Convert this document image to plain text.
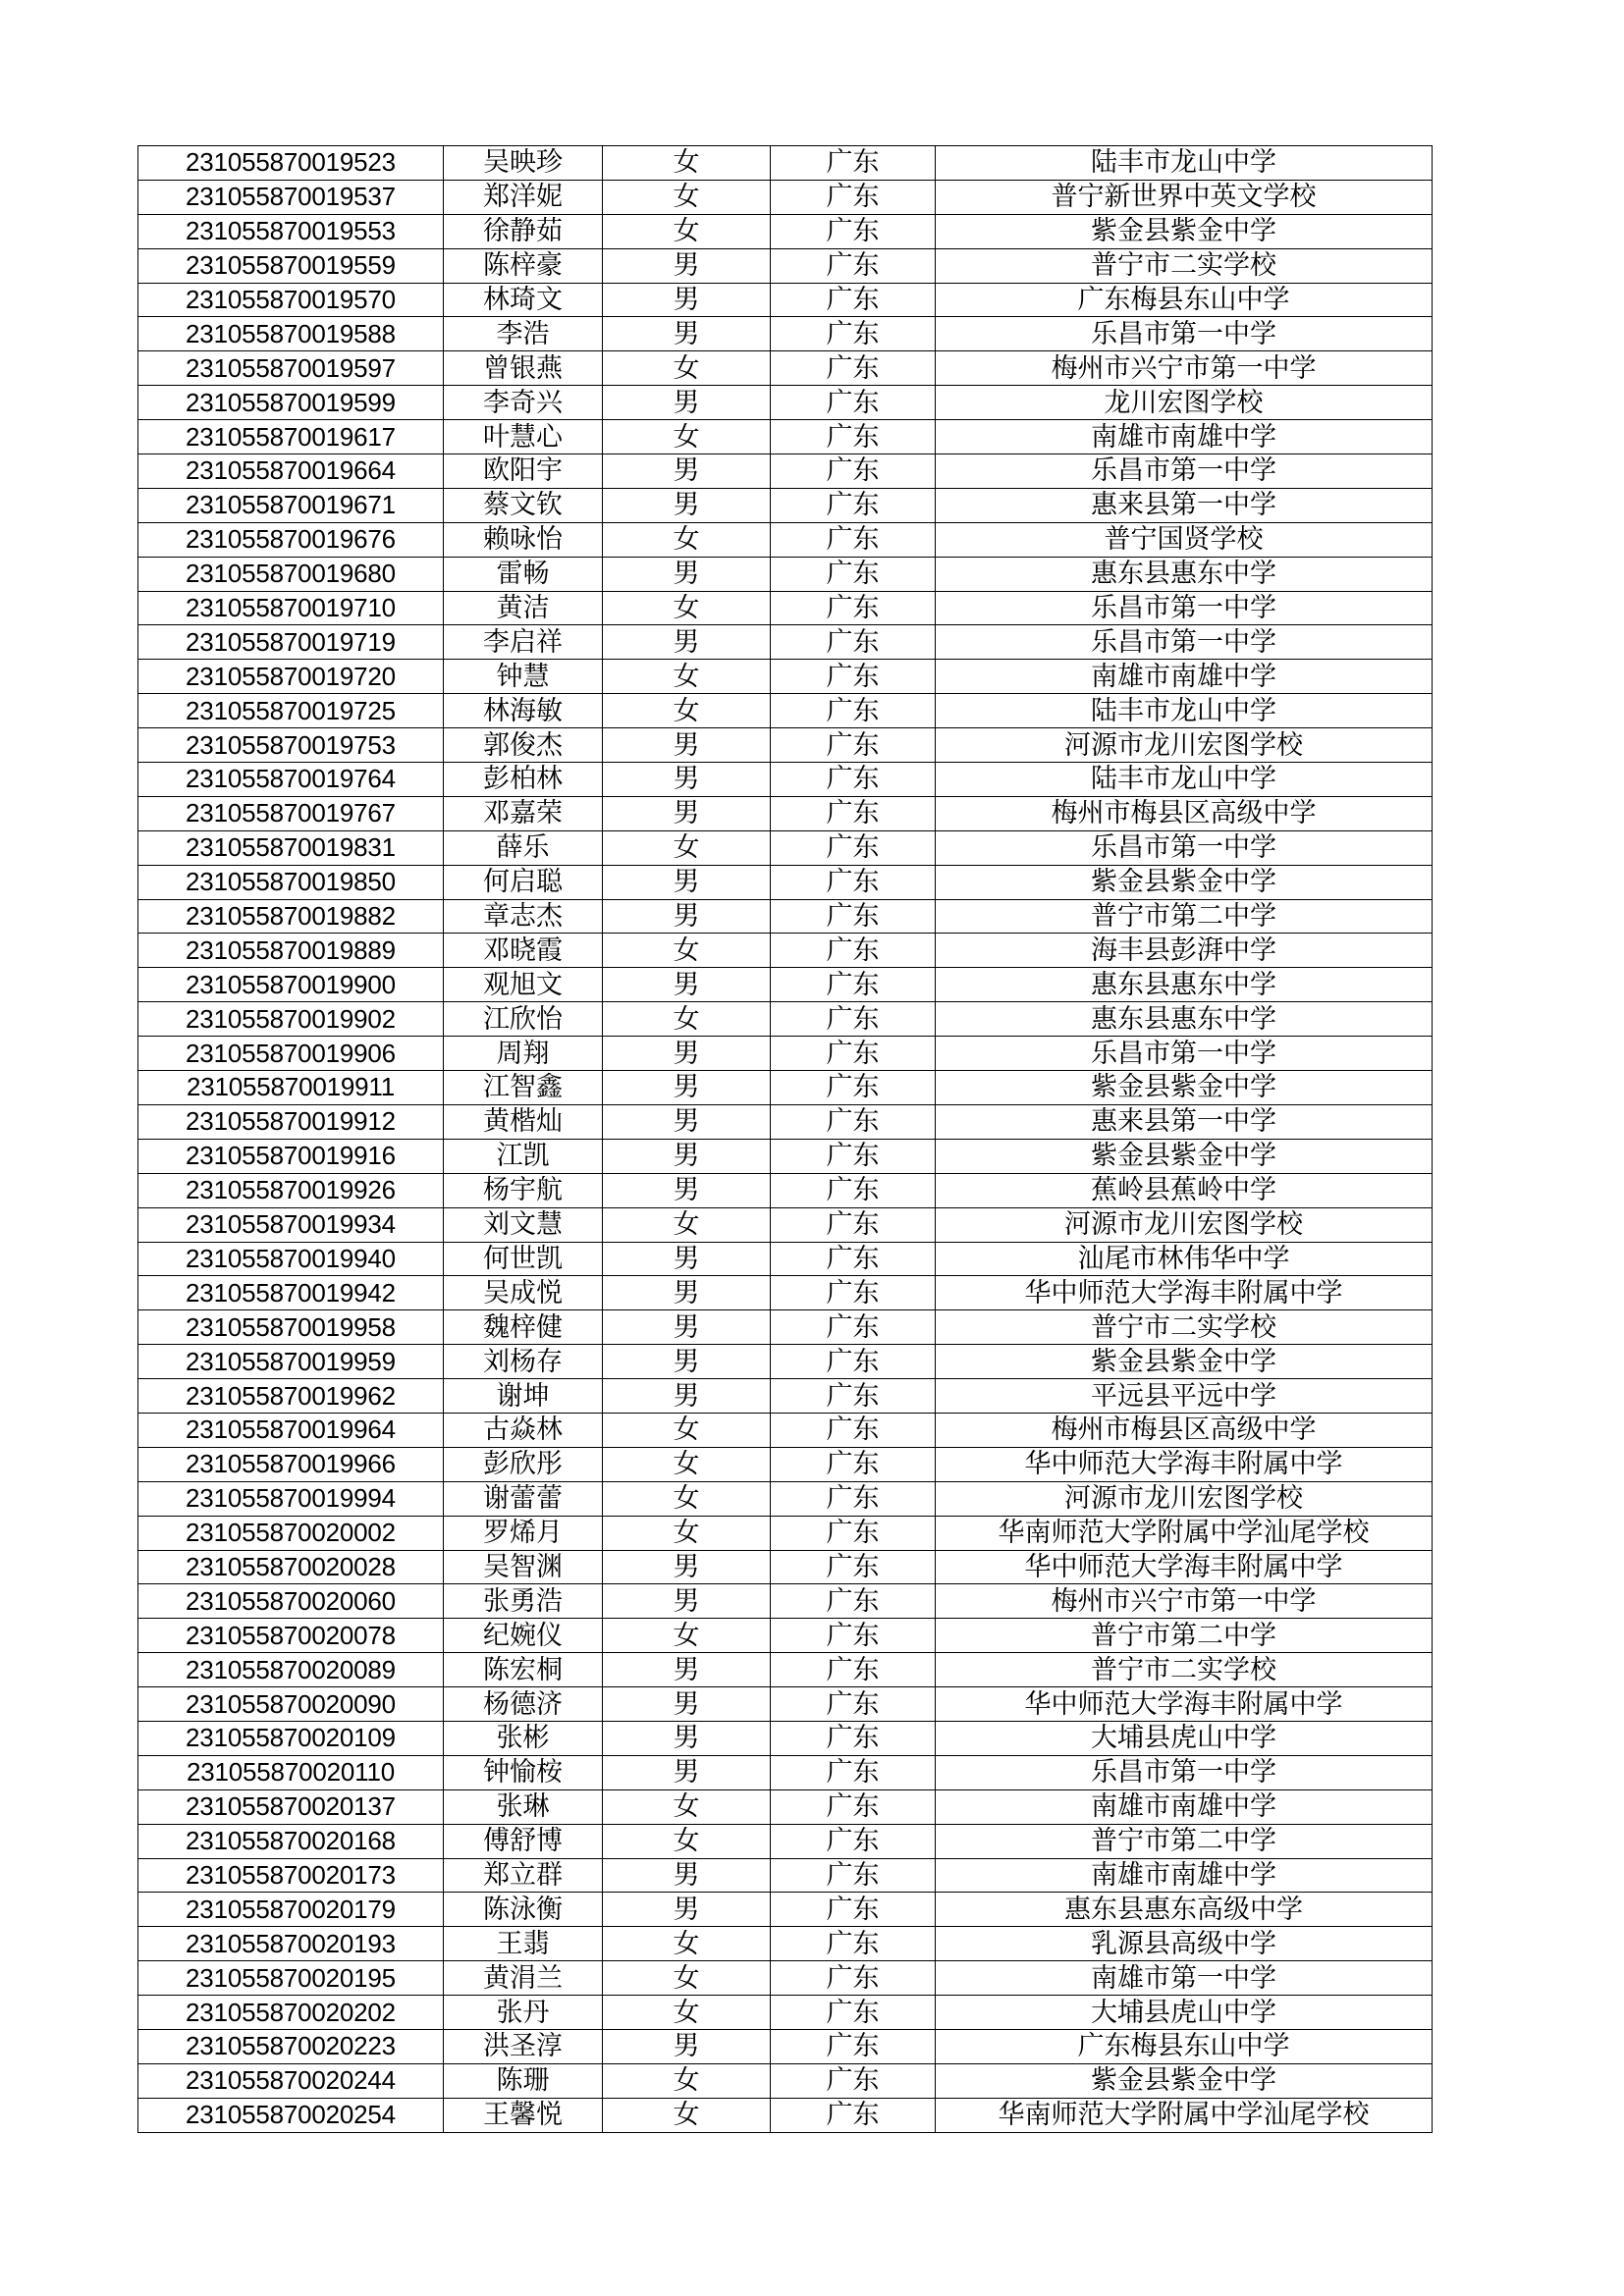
231055870019523	吴映珍	女	广东	陆丰市龙山中学
231055870019537	郑洋妮	女	广东	普宁新世界中英文学校
231055870019553	徐静茹	女	广东	紫金县紫金中学
231055870019559	陈梓豪	男	广东	普宁市二实学校
231055870019570	林琦文	男	广东	广东梅县东山中学
231055870019588	李浩	男	广东	乐昌市第一中学
231055870019597	曾银燕	女	广东	梅州市兴宁市第一中学
231055870019599	李奇兴	男	广东	龙川宏图学校
231055870019617	叶慧心	女	广东	南雄市南雄中学
231055870019664	欧阳宇	男	广东	乐昌市第一中学
231055870019671	蔡文钦	男	广东	惠来县第一中学
231055870019676	赖咏怡	女	广东	普宁国贤学校
231055870019680	雷畅	男	广东	惠东县惠东中学
231055870019710	黄洁	女	广东	乐昌市第一中学
231055870019719	李启祥	男	广东	乐昌市第一中学
231055870019720	钟慧	女	广东	南雄市南雄中学
231055870019725	林海敏	女	广东	陆丰市龙山中学
231055870019753	郭俊杰	男	广东	河源市龙川宏图学校
231055870019764	彭柏林	男	广东	陆丰市龙山中学
231055870019767	邓嘉荣	男	广东	梅州市梅县区高级中学
231055870019831	薛乐	女	广东	乐昌市第一中学
231055870019850	何启聪	男	广东	紫金县紫金中学
231055870019882	章志杰	男	广东	普宁市第二中学
231055870019889	邓晓霞	女	广东	海丰县彭湃中学
231055870019900	观旭文	男	广东	惠东县惠东中学
231055870019902	江欣怡	女	广东	惠东县惠东中学
231055870019906	周翔	男	广东	乐昌市第一中学
231055870019911	江智鑫	男	广东	紫金县紫金中学
231055870019912	黄楷灿	男	广东	惠来县第一中学
231055870019916	江凯	男	广东	紫金县紫金中学
231055870019926	杨宇航	男	广东	蕉岭县蕉岭中学
231055870019934	刘文慧	女	广东	河源市龙川宏图学校
231055870019940	何世凯	男	广东	汕尾市林伟华中学
231055870019942	吴成悦	男	广东	华中师范大学海丰附属中学
231055870019958	魏梓健	男	广东	普宁市二实学校
231055870019959	刘杨存	男	广东	紫金县紫金中学
231055870019962	谢坤	男	广东	平远县平远中学
231055870019964	古焱林	女	广东	梅州市梅县区高级中学
231055870019966	彭欣彤	女	广东	华中师范大学海丰附属中学
231055870019994	谢蕾蕾	女	广东	河源市龙川宏图学校
231055870020002	罗烯月	女	广东	华南师范大学附属中学汕尾学校
231055870020028	吴智渊	男	广东	华中师范大学海丰附属中学
231055870020060	张勇浩	男	广东	梅州市兴宁市第一中学
231055870020078	纪婉仪	女	广东	普宁市第二中学
231055870020089	陈宏桐	男	广东	普宁市二实学校
231055870020090	杨德济	男	广东	华中师范大学海丰附属中学
231055870020109	张彬	男	广东	大埔县虎山中学
231055870020110	钟愉桉	男	广东	乐昌市第一中学
231055870020137	张琳	女	广东	南雄市南雄中学
231055870020168	傅舒博	女	广东	普宁市第二中学
231055870020173	郑立群	男	广东	南雄市南雄中学
231055870020179	陈泳衡	男	广东	惠东县惠东高级中学
231055870020193	王翡	女	广东	乳源县高级中学
231055870020195	黄涓兰	女	广东	南雄市第一中学
231055870020202	张丹	女	广东	大埔县虎山中学
231055870020223	洪圣淳	男	广东	广东梅县东山中学
231055870020244	陈珊	女	广东	紫金县紫金中学
231055870020254	王馨悦	女	广东	华南师范大学附属中学汕尾学校
